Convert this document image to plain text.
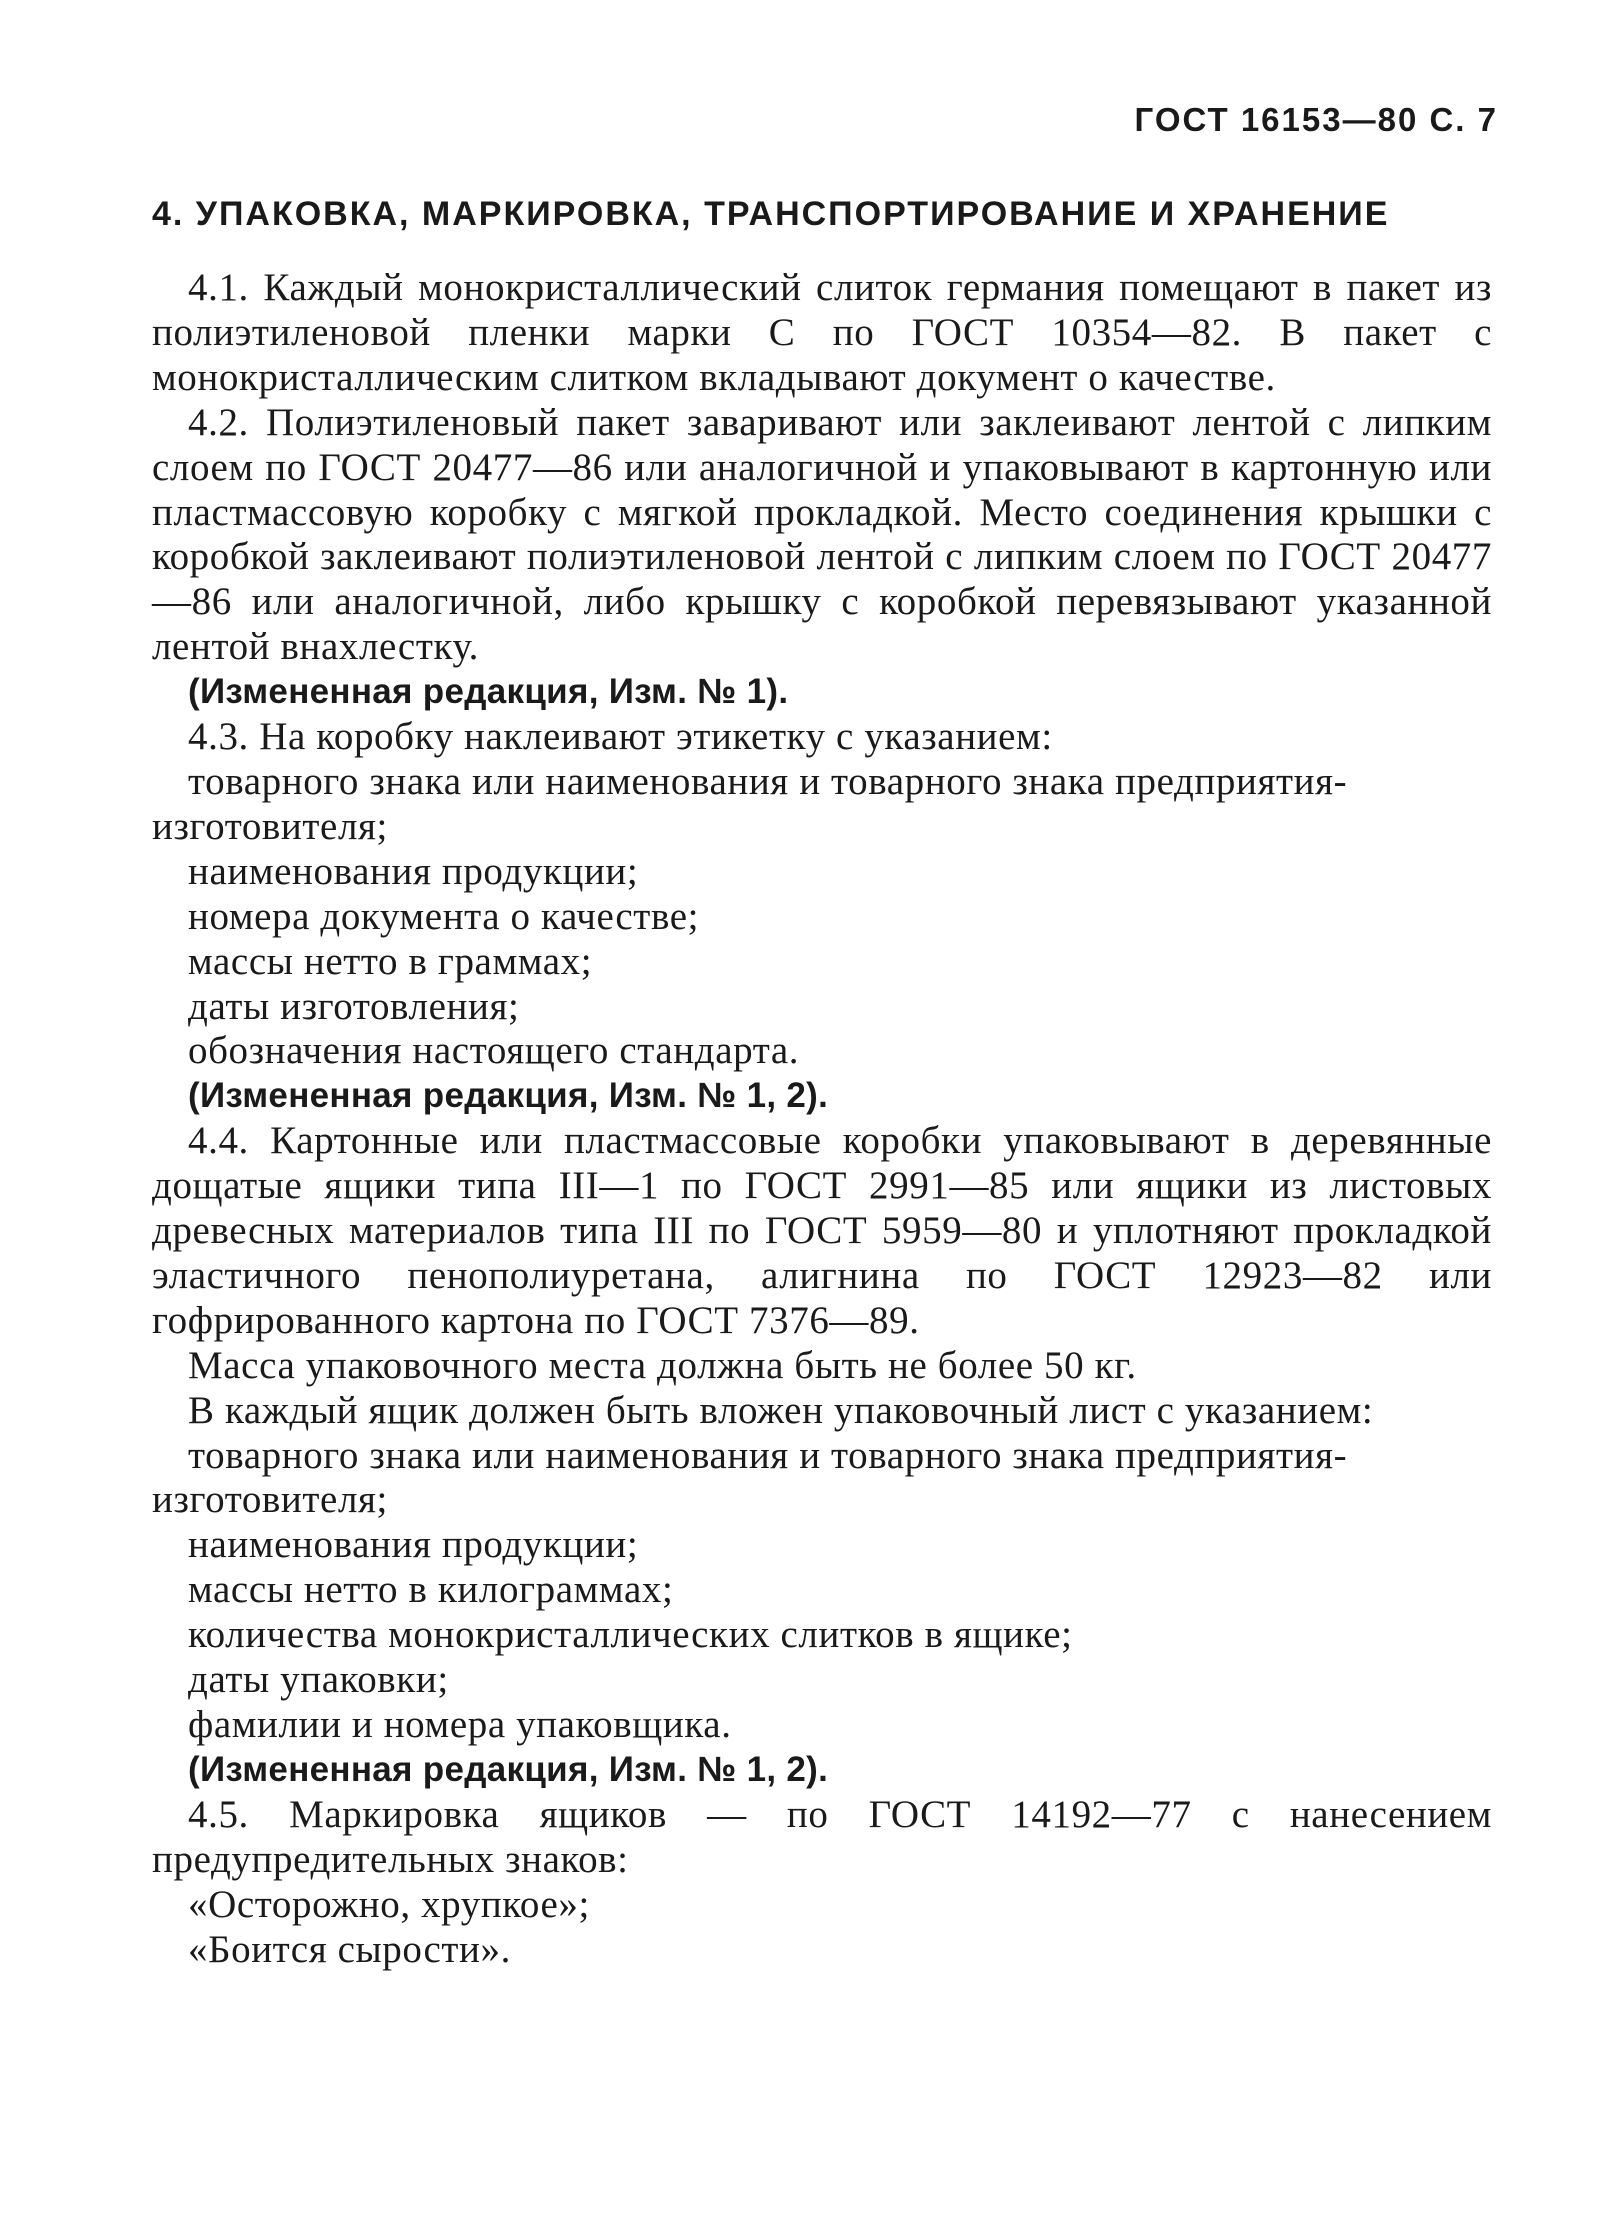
ГОСТ 16153—80 С. 7
4. УПАКОВКА, МАРКИРОВКА, ТРАНСПОРТИРОВАНИЕ И ХРАНЕНИЕ

4.1. Каждый монокристаллический слиток германия помещают в пакет из полиэтиленовой пленки марки С по ГОСТ 10354—82. В пакет с монокристаллическим слитком вкладывают документ о качестве.

4.2. Полиэтиленовый пакет заваривают или заклеивают лентой с липким слоем по ГОСТ 20477—86 или аналогичной и упаковывают в картонную или пластмассовую коробку с мягкой прокладкой. Место соединения крышки с коробкой заклеивают полиэтиленовой лентой с липким слоем по ГОСТ 20477—86 или аналогичной, либо крышку с коробкой перевязывают указанной лентой внахлестку.

(Измененная редакция, Изм. № 1).

4.3. На коробку наклеивают этикетку с указанием:

товарного знака или наименования и товарного знака предприятия-изготовителя;

наименования продукции;

номера документа о качестве;

массы нетто в граммах;

даты изготовления;

обозначения настоящего стандарта.

(Измененная редакция, Изм. № 1, 2).

4.4. Картонные или пластмассовые коробки упаковывают в деревянные дощатые ящики типа III—1 по ГОСТ 2991—85 или ящики из листовых древесных материалов типа III по ГОСТ 5959—80 и уплотняют прокладкой эластичного пенополиуретана, алигнина по ГОСТ 12923—82 или гофрированного картона по ГОСТ 7376—89.

Масса упаковочного места должна быть не более 50 кг.

В каждый ящик должен быть вложен упаковочный лист с указанием:

товарного знака или наименования и товарного знака предприятия-изготовителя;

наименования продукции;

массы нетто в килограммах;

количества монокристаллических слитков в ящике;

даты упаковки;

фамилии и номера упаковщика.

(Измененная редакция, Изм. № 1, 2).

4.5. Маркировка ящиков — по ГОСТ 14192—77 с нанесением предупредительных знаков:

«Осторожно, хрупкое»;

«Боится сырости».
